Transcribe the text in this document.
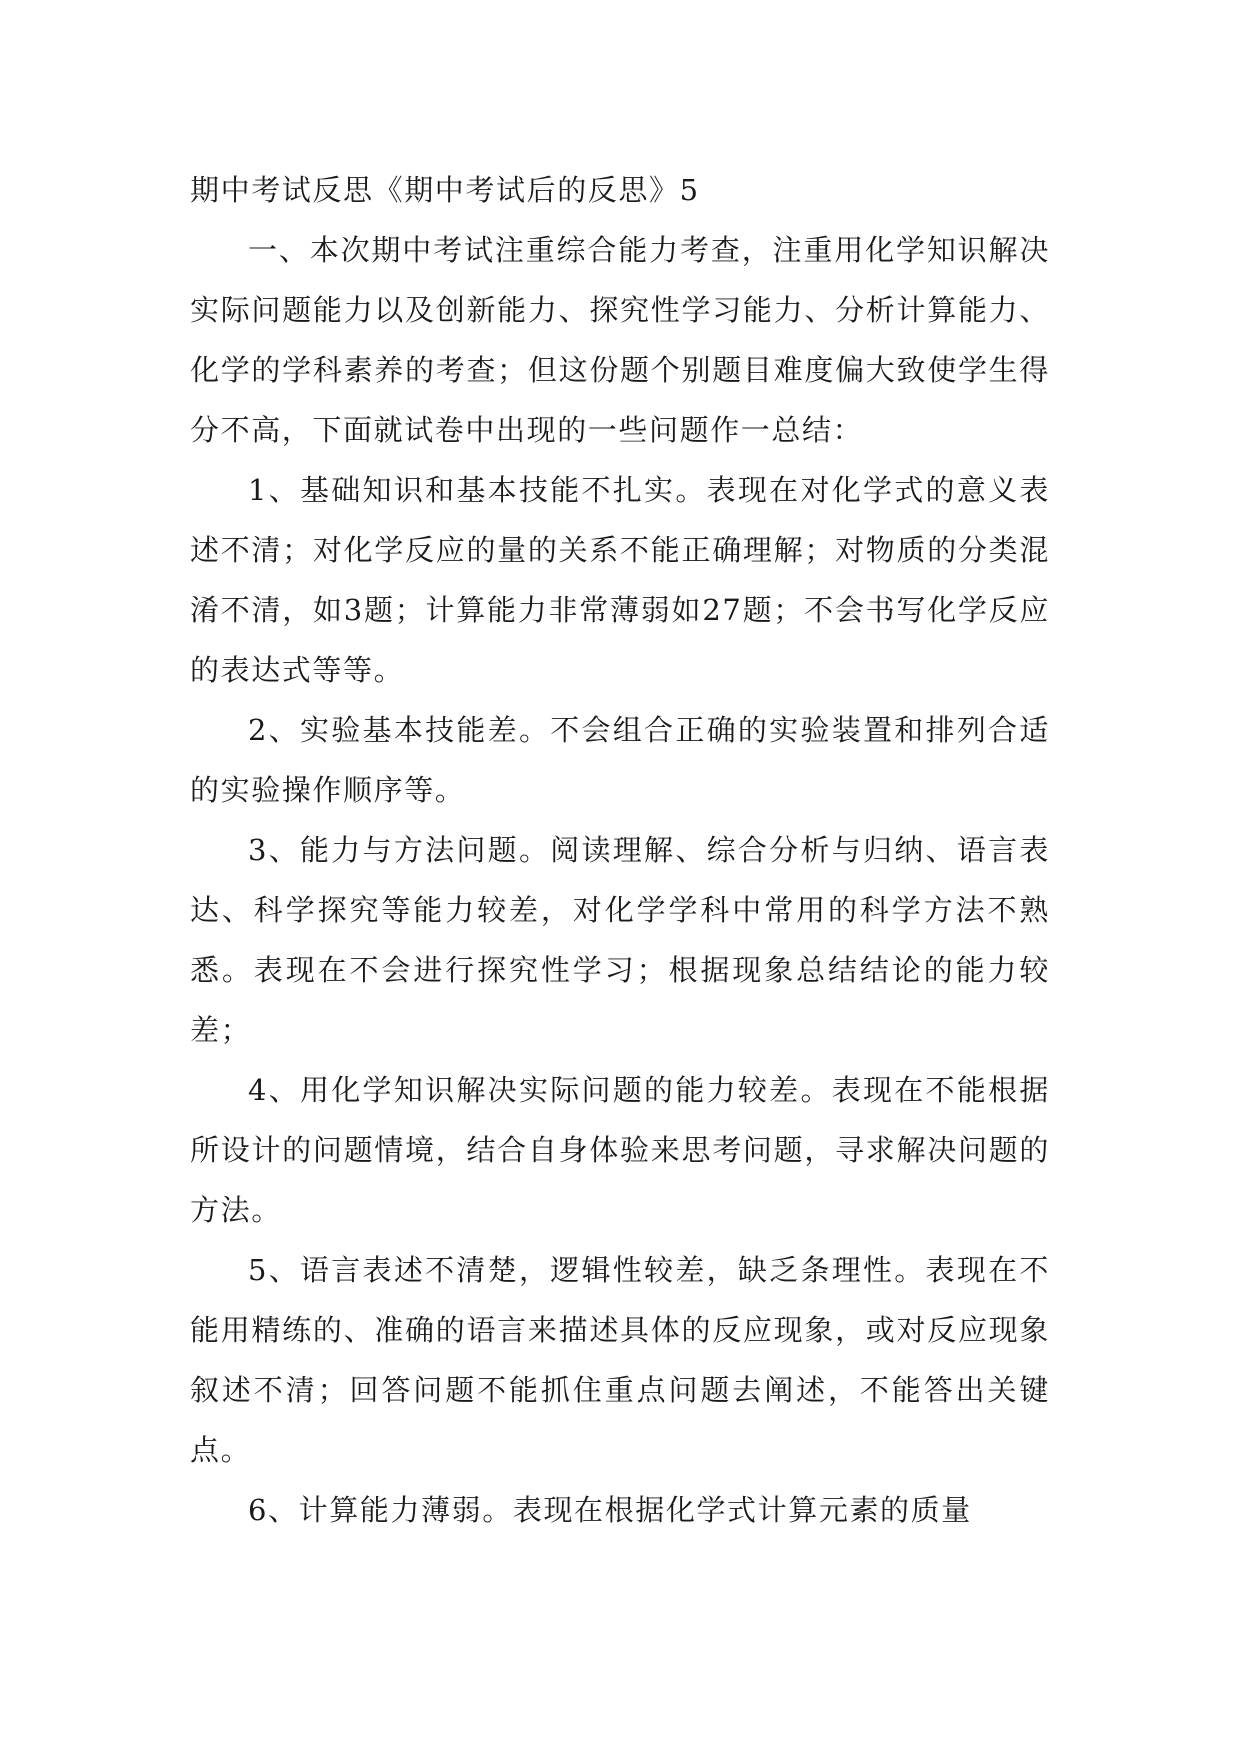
期中考试反思《期中考试后的反思》5

一、本次期中考试注重综合能力考查，注重用化学知识解决实际问题能力以及创新能力、探究性学习能力、分析计算能力、化学的学科素养的考查；但这份题个别题目难度偏大致使学生得分不高，下面就试卷中出现的一些问题作一总结：

1、基础知识和基本技能不扎实。表现在对化学式的意义表述不清；对化学反应的量的关系不能正确理解；对物质的分类混淆不清，如3题；计算能力非常薄弱如27题；不会书写化学反应的表达式等等。

2、实验基本技能差。不会组合正确的实验装置和排列合适的实验操作顺序等。

3、能力与方法问题。阅读理解、综合分析与归纳、语言表达、科学探究等能力较差，对化学学科中常用的科学方法不熟悉。表现在不会进行探究性学习；根据现象总结结论的能力较差；

4、用化学知识解决实际问题的能力较差。表现在不能根据所设计的问题情境，结合自身体验来思考问题，寻求解决问题的方法。

5、语言表述不清楚，逻辑性较差，缺乏条理性。表现在不能用精练的、准确的语言来描述具体的反应现象，或对反应现象叙述不清；回答问题不能抓住重点问题去阐述，不能答出关键点。

6、计算能力薄弱。表现在根据化学式计算元素的质量
